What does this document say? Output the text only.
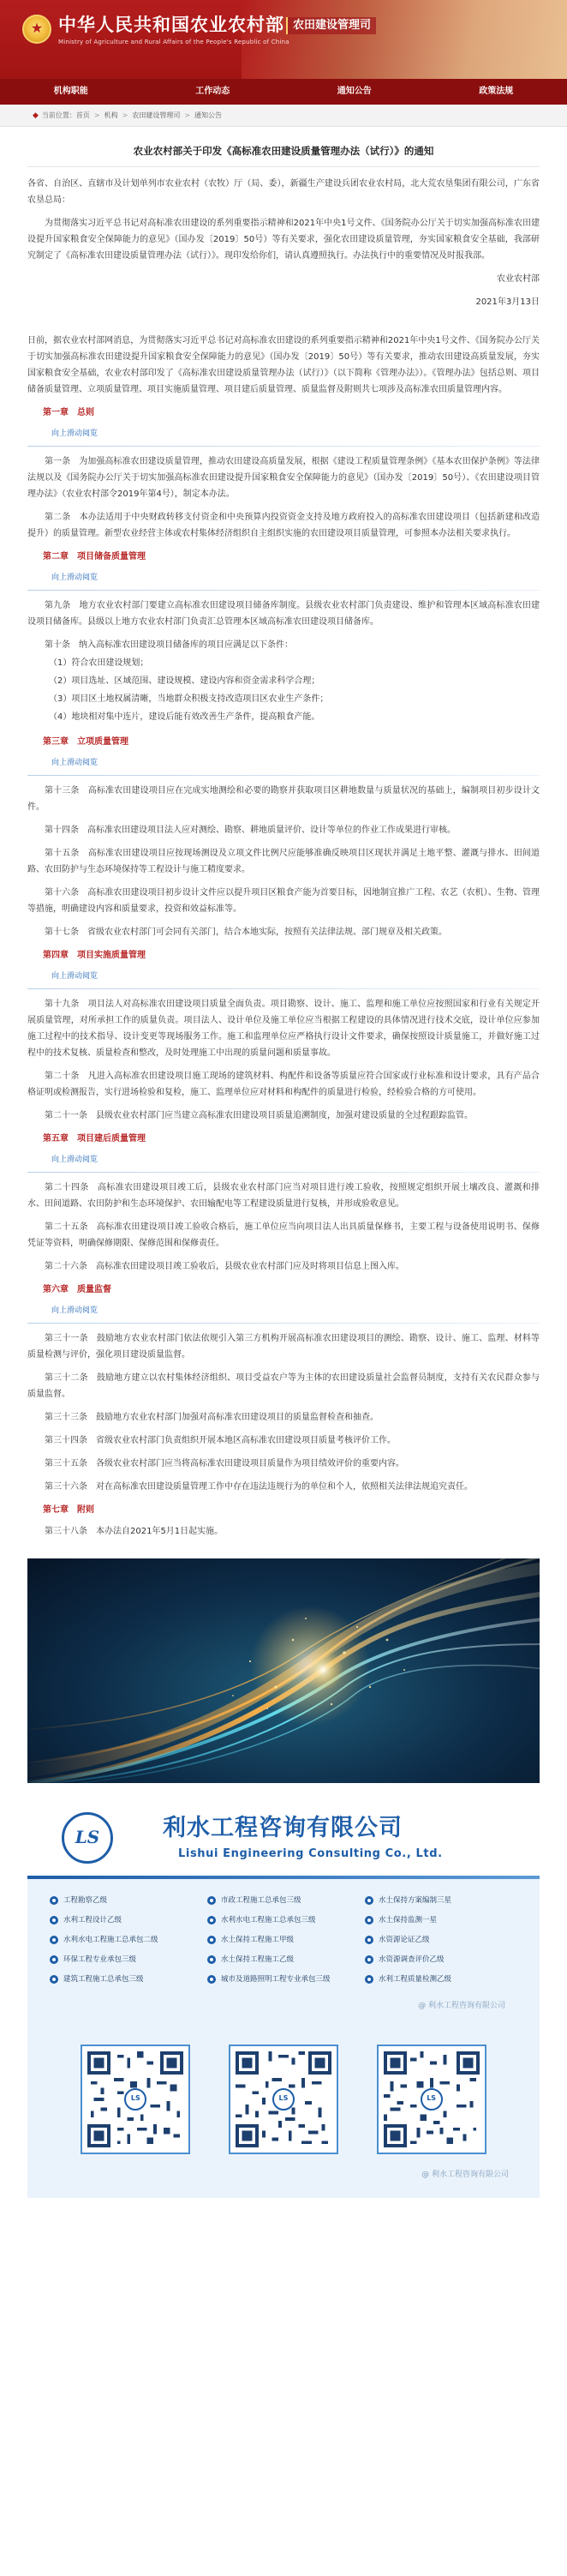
★
中华人民共和国农业农村部
Ministry of Agriculture and Rural Affairs of the People's Republic of China
农田建设管理司
机构职能	工作动态	通知公告	政策法规
◆ 当前位置： 首页 > 机构 > 农田建设管理司 > 通知公告
农业农村部关于印发《高标准农田建设质量管理办法（试行）》的通知
各省、自治区、直辖市及计划单列市农业农村（农牧）厅（局、委），新疆生产建设兵团农业农村局，北大荒农垦集团有限公司，广东省农垦总局：
为贯彻落实习近平总书记对高标准农田建设的系列重要指示精神和2021年中央1号文件、《国务院办公厅关于切实加强高标准农田建设提升国家粮食安全保障能力的意见》（国办发〔2019〕50号）等有关要求，强化农田建设质量管理，夯实国家粮食安全基础，我部研究制定了《高标准农田建设质量管理办法（试行）》。现印发给你们，请认真遵照执行。办法执行中的重要情况及时报我部。
农业农村部
2021年3月13日
日前，据农业农村部网消息，为贯彻落实习近平总书记对高标准农田建设的系列重要指示精神和2021年中央1号文件、《国务院办公厅关于切实加强高标准农田建设提升国家粮食安全保障能力的意见》（国办发〔2019〕50号）等有关要求，推动农田建设高质量发展，夯实国家粮食安全基础，农业农村部印发了《高标准农田建设质量管理办法（试行）》（以下简称《管理办法》）。《管理办法》包括总则、项目储备质量管理、立项质量管理、项目实施质量管理、项目建后质量管理、质量监督及附则共七项涉及高标准农田质量管理内容。
第一章　总则
向上滑动阅览
第一条　为加强高标准农田建设质量管理，推动农田建设高质量发展，根据《建设工程质量管理条例》《基本农田保护条例》等法律法规以及《国务院办公厅关于切实加强高标准农田建设提升国家粮食安全保障能力的意见》（国办发〔2019〕50号）、《农田建设项目管理办法》（农业农村部令2019年第4号），制定本办法。
第二条　本办法适用于中央财政转移支付资金和中央预算内投资资金支持及地方政府投入的高标准农田建设项目（包括新建和改造提升）的质量管理。新型农业经营主体或农村集体经济组织自主组织实施的农田建设项目质量管理，可参照本办法相关要求执行。
第二章　项目储备质量管理
向上滑动阅览
第九条　地方农业农村部门要建立高标准农田建设项目储备库制度。县级农业农村部门负责建设、维护和管理本区域高标准农田建设项目储备库。县级以上地方农业农村部门负责汇总管理本区域高标准农田建设项目储备库。
第十条　纳入高标准农田建设项目储备库的项目应满足以下条件：
（1）符合农田建设规划；
（2）项目选址、区域范围、建设规模、建设内容和资金需求科学合理；
（3）项目区土地权属清晰，当地群众积极支持改造项目区农业生产条件；
（4）地块相对集中连片，建设后能有效改善生产条件，提高粮食产能。
第三章　立项质量管理
向上滑动阅览
第十三条　高标准农田建设项目应在完成实地测绘和必要的勘察并获取项目区耕地数量与质量状况的基础上，编制项目初步设计文件。
第十四条　高标准农田建设项目法人应对测绘、勘察、耕地质量评价、设计等单位的作业工作成果进行审核。
第十五条　高标准农田建设项目应按现场测设及立项文件比例尺应能够准确反映项目区现状并满足土地平整、灌溉与排水、田间道路、农田防护与生态环境保持等工程设计与施工精度要求。
第十六条　高标准农田建设项目初步设计文件应以提升项目区粮食产能为首要目标，因地制宜推广工程、农艺（农机）、生物、管理等措施，明确建设内容和质量要求，投资和效益标准等。
第十七条　省级农业农村部门可会同有关部门，结合本地实际，按照有关法律法规、部门规章及相关政策。
第四章　项目实施质量管理
向上滑动阅览
第十九条　项目法人对高标准农田建设项目质量全面负责。项目勘察、设计、施工、监理和施工单位应按照国家和行业有关规定开展质量管理，对所承担工作的质量负责。项目法人、设计单位及施工单位应当根据工程建设的具体情况进行技术交底，设计单位应参加施工过程中的技术指导、设计变更等现场服务工作。施工和监理单位应严格执行设计文件要求，确保按照设计质量施工，并做好施工过程中的技术复核、质量检查和整改，及时处理施工中出现的质量问题和质量事故。
第二十条　凡进入高标准农田建设项目施工现场的建筑材料、构配件和设备等质量应符合国家或行业标准和设计要求，具有产品合格证明或检测报告，实行进场检验和复检，施工、监理单位应对材料和构配件的质量进行检验，经检验合格的方可使用。
第二十一条　县级农业农村部门应当建立高标准农田建设项目质量追溯制度，加强对建设质量的全过程跟踪监管。
第五章　项目建后质量管理
向上滑动阅览
第二十四条　高标准农田建设项目竣工后，县级农业农村部门应当对项目进行竣工验收，按照规定组织开展土壤改良、灌溉和排水、田间道路、农田防护和生态环境保护、农田输配电等工程建设质量进行复核，并形成验收意见。
第二十五条　高标准农田建设项目竣工验收合格后，施工单位应当向项目法人出具质量保修书，主要工程与设备使用说明书、保修凭证等资料，明确保修期限、保修范围和保修责任。
第二十六条　高标准农田建设项目竣工验收后，县级农业农村部门应及时将项目信息上图入库。
第六章　质量监督
向上滑动阅览
第三十一条　鼓励地方农业农村部门依法依规引入第三方机构开展高标准农田建设项目的测绘、勘察、设计、施工、监理、材料等质量检测与评价，强化项目建设质量监督。
第三十二条　鼓励地方建立以农村集体经济组织、项目受益农户等为主体的农田建设质量社会监督员制度，支持有关农民群众参与质量监督。
第三十三条　鼓励地方农业农村部门加强对高标准农田建设项目的质量监督检查和抽查。
第三十四条　省级农业农村部门负责组织开展本地区高标准农田建设项目质量考核评价工作。
第三十五条　各级农业农村部门应当将高标准农田建设项目质量作为项目绩效评价的重要内容。
第三十六条　对在高标准农田建设质量管理工作中存在违法违规行为的单位和个人，依照相关法律法规追究责任。
第七章　附则
第三十八条　本办法自2021年5月1日起实施。
LS	利水工程咨询有限公司
Lishui Engineering Consulting Co., Ltd.
工程勘察乙级	市政工程施工总承包三级	水土保持方案编制三星
水利工程设计乙级	水利水电工程施工总承包三级	水土保持监测一星
水利水电工程施工总承包二级	水土保持工程施工甲级	水资源论证乙级
环保工程专业承包三级	水土保持工程施工乙级	水资源调查评价乙级
建筑工程施工总承包三级	城市及道路照明工程专业承包三级	水利工程质量检测乙级
@ 利水工程咨询有限公司
LS
LS
LS
@ 利水工程咨询有限公司
